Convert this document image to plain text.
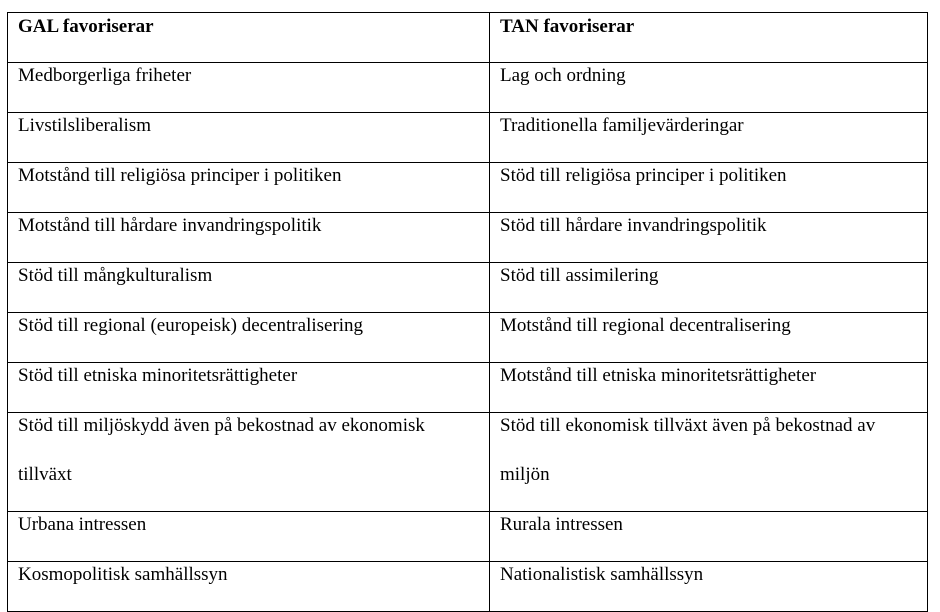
GAL favoriserar	TAN favoriserar

Medborgerliga friheter	Lag och ordning

Livstilsliberalism	Traditionella familjevärderingar

Motstånd till religiösa principer i politiken	Stöd till religiösa principer i politiken

Motstånd till hårdare invandringspolitik	Stöd till hårdare invandringspolitik

Stöd till mångkulturalism	Stöd till assimilering

Stöd till regional (europeisk) decentralisering	Motstånd till regional decentralisering

Stöd till etniska minoritetsrättigheter	Motstånd till etniska minoritetsrättigheter

Stöd till miljöskydd även på bekostnad av ekonomisk tillväxt	Stöd till ekonomisk tillväxt även på bekostnad av miljön

Urbana intressen	Rurala intressen

Kosmopolitisk samhällssyn	Nationalistisk samhällssyn
